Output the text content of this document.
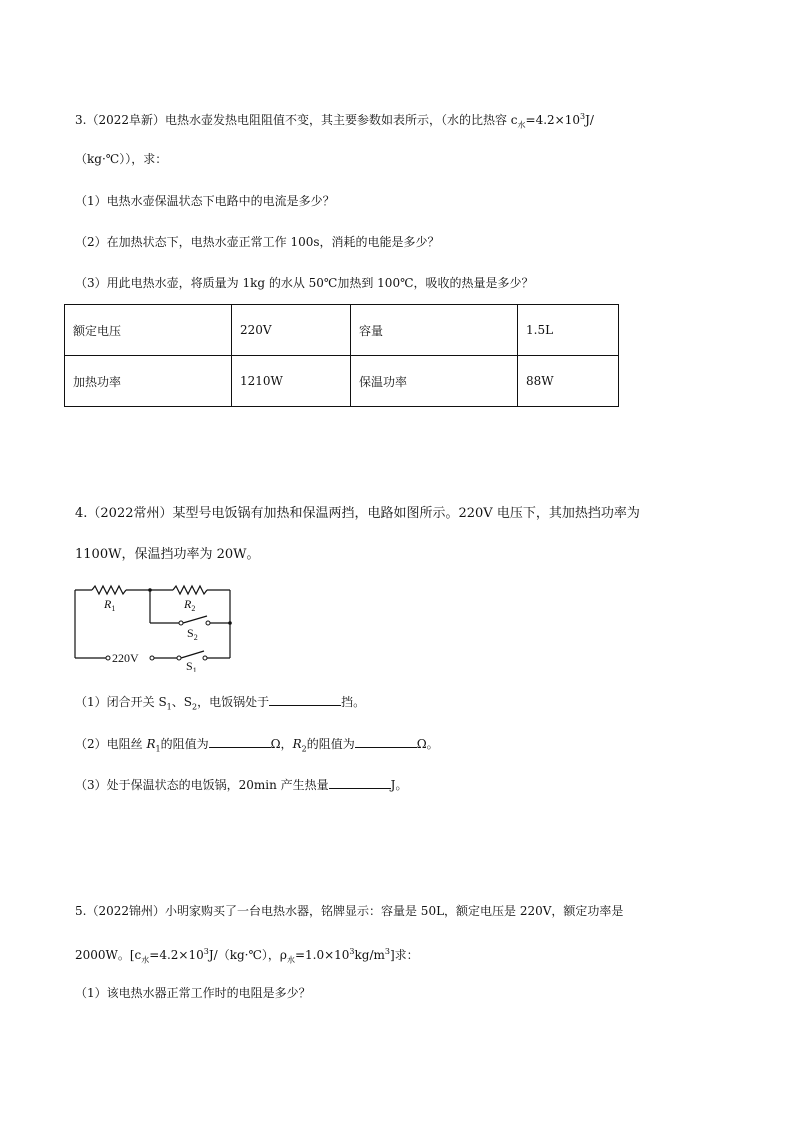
3.（2022阜新）电热水壶发热电阻阻值不变，其主要参数如表所示，（水的比热容 $c_水=4.2\times 10^3J/$
（kg·℃）），求：
（1）电热水壶保温状态下电路中的电流是多少？
（2）在加热状态下，电热水壶正常工作 100s，消耗的电能是多少？
（3）用此电热水壶，将质量为 1kg 的水从 50℃加热到 100℃，吸收的热量是多少？
额定电压	220V	容量	1.5L
加热功率	1210W	保温功率	88W
4.（2022常州）某型号电饭锅有加热和保温两挡，电路如图所示。220V 电压下，其加热挡功率为
1100W，保温挡功率为 20W。
$R_1$	$R_2$
$S_2$
$S_1$
220V
（1）闭合开关 $S_1$、$S_2$，电饭锅处于	挡。
（2）电阻丝 $R_1$的阻值为	Ω，$R_2$的阻值为	Ω。
（3）处于保温状态的电饭锅，20min 产生热量	J。
5.（2022锦州）小明家购买了一台电热水器，铭牌显示：容量是 50L，额定电压是 220V，额定功率是
2000W。[$c_水=4.2\times 10^3J/(kg\cdot℃)$，$\rho_水=1.0\times 10^3kg/m^3$]求：
（1）该电热水器正常工作时的电阻是多少？
